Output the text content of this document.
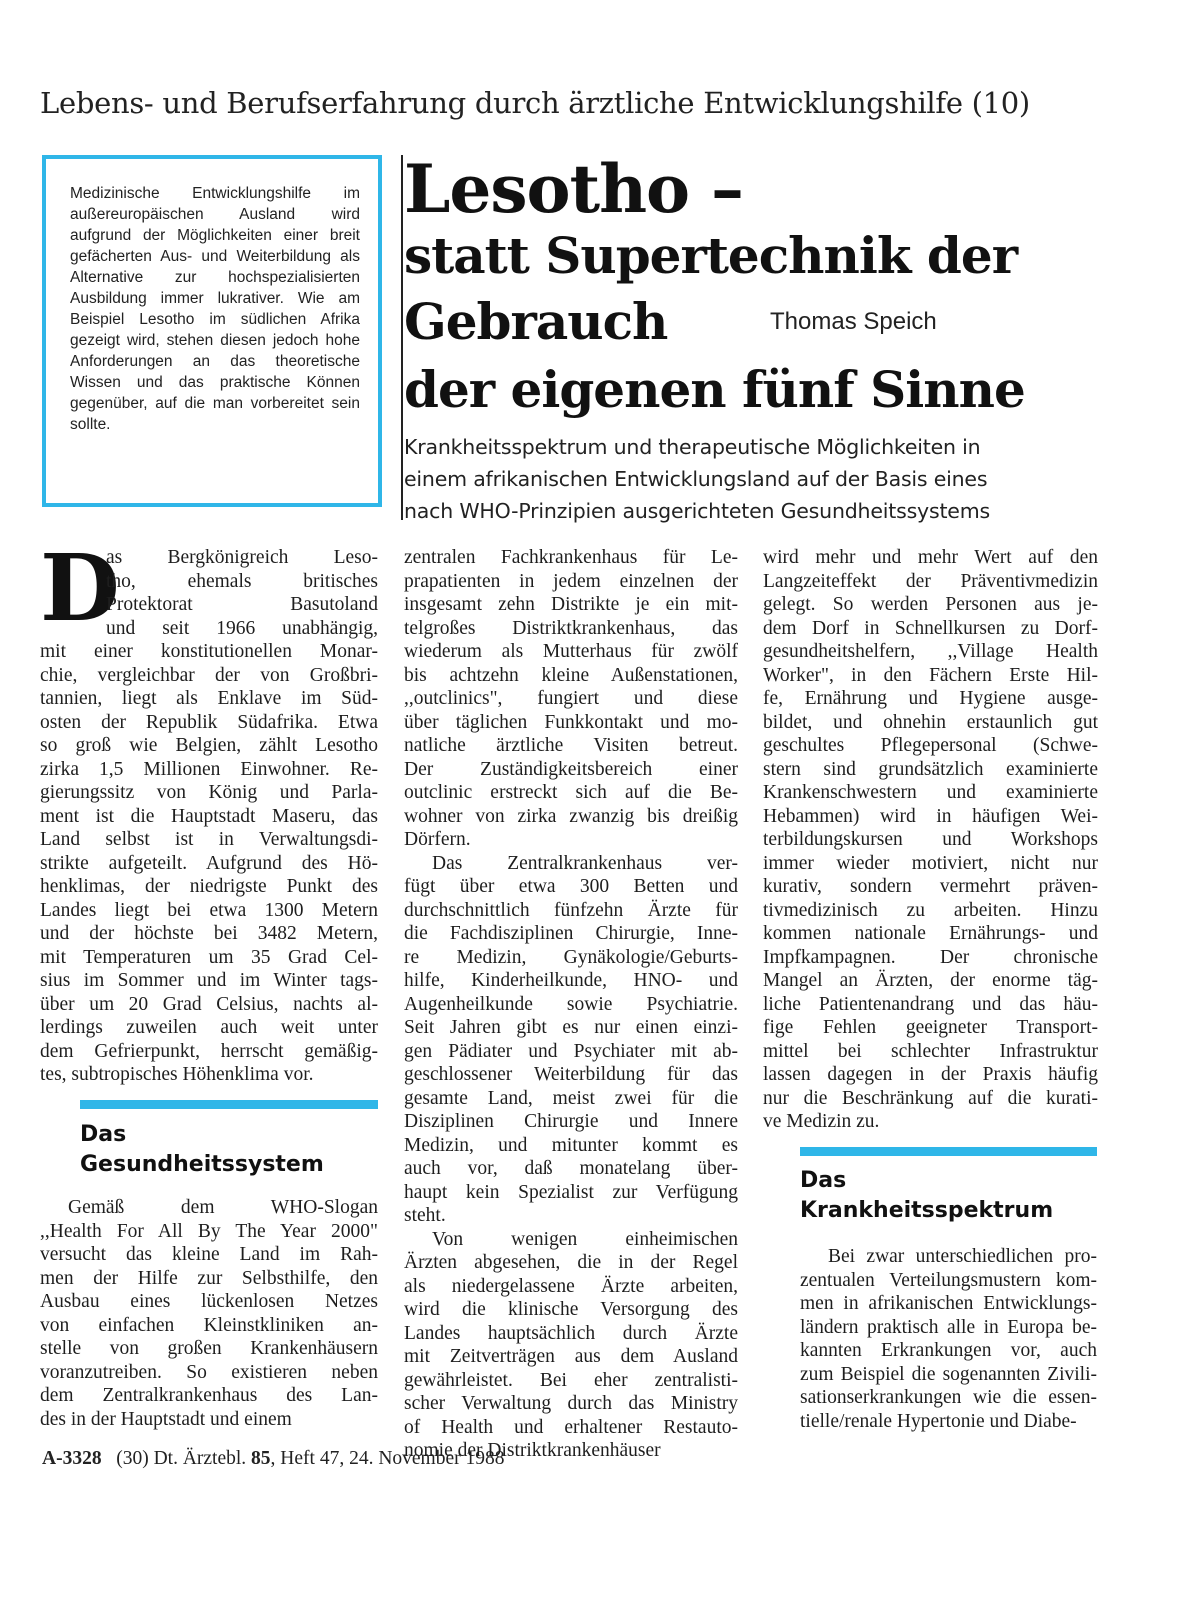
Lebens- und Berufserfahrung durch ärztliche Entwicklungshilfe (10)
Medizinische Entwicklungshilfe im außereuropäischen Ausland wird aufgrund der Möglichkeiten einer breit gefächerten Aus- und Weiterbildung als Alternative zur hochspezialisierten Ausbildung immer lukrativer. Wie am Beispiel Lesotho im südlichen Afrika gezeigt wird, stehen diesen jedoch hohe Anforderungen an das theoretische Wissen und das praktische Können gegenüber, auf die man vorbereitet sein sollte.
Lesotho –
statt Supertechnik der
Gebrauch	Thomas Speich
der eigenen fünf Sinne
Krankheitsspektrum und therapeutische Möglichkeiten in
einem afrikanischen Entwicklungsland auf der Basis eines
nach WHO-Prinzipien ausgerichteten Gesundheitssystems
D
as Bergkönigreich Leso-
tho, ehemals britisches
Protektorat Basutoland
und seit 1966 unabhängig,
mit einer konstitutionellen Monar-
chie, vergleichbar der von Großbri-
tannien, liegt als Enklave im Süd-
osten der Republik Südafrika. Etwa
so groß wie Belgien, zählt Lesotho
zirka 1,5 Millionen Einwohner. Re-
gierungssitz von König und Parla-
ment ist die Hauptstadt Maseru, das
Land selbst ist in Verwaltungsdi-
strikte aufgeteilt. Aufgrund des Hö-
henklimas, der niedrigste Punkt des
Landes liegt bei etwa 1300 Metern
und der höchste bei 3482 Metern,
mit Temperaturen um 35 Grad Cel-
sius im Sommer und im Winter tags-
über um 20 Grad Celsius, nachts al-
lerdings zuweilen auch weit unter
dem Gefrierpunkt, herrscht gemäßig-
tes, subtropisches Höhenklima vor.
Das
Gesundheitssystem
Gemäß dem WHO-Slogan
,,Health For All By The Year 2000"
versucht das kleine Land im Rah-
men der Hilfe zur Selbsthilfe, den
Ausbau eines lückenlosen Netzes
von einfachen Kleinstkliniken an-
stelle von großen Krankenhäusern
voranzutreiben. So existieren neben
dem Zentralkrankenhaus des Lan-
des in der Hauptstadt und einem
zentralen Fachkrankenhaus für Le-
prapatienten in jedem einzelnen der
insgesamt zehn Distrikte je ein mit-
telgroßes Distriktkrankenhaus, das
wiederum als Mutterhaus für zwölf
bis achtzehn kleine Außenstationen,
,,outclinics", fungiert und diese
über täglichen Funkkontakt und mo-
natliche ärztliche Visiten betreut.
Der Zuständigkeitsbereich einer
outclinic erstreckt sich auf die Be-
wohner von zirka zwanzig bis dreißig
Dörfern.
Das Zentralkrankenhaus ver-
fügt über etwa 300 Betten und
durchschnittlich fünfzehn Ärzte für
die Fachdisziplinen Chirurgie, Inne-
re Medizin, Gynäkologie/Geburts-
hilfe, Kinderheilkunde, HNO- und
Augenheilkunde sowie Psychiatrie.
Seit Jahren gibt es nur einen einzi-
gen Pädiater und Psychiater mit ab-
geschlossener Weiterbildung für das
gesamte Land, meist zwei für die
Disziplinen Chirurgie und Innere
Medizin, und mitunter kommt es
auch vor, daß monatelang über-
haupt kein Spezialist zur Verfügung
steht.
Von wenigen einheimischen
Ärzten abgesehen, die in der Regel
als niedergelassene Ärzte arbeiten,
wird die klinische Versorgung des
Landes hauptsächlich durch Ärzte
mit Zeitverträgen aus dem Ausland
gewährleistet. Bei eher zentralisti-
scher Verwaltung durch das Ministry
of Health und erhaltener Restauto-
nomie der Distriktkrankenhäuser
wird mehr und mehr Wert auf den
Langzeiteffekt der Präventivmedizin
gelegt. So werden Personen aus je-
dem Dorf in Schnellkursen zu Dorf-
gesundheitshelfern, ,,Village Health
Worker", in den Fächern Erste Hil-
fe, Ernährung und Hygiene ausge-
bildet, und ohnehin erstaunlich gut
geschultes Pflegepersonal (Schwe-
stern sind grundsätzlich examinierte
Krankenschwestern und examinierte
Hebammen) wird in häufigen Wei-
terbildungskursen und Workshops
immer wieder motiviert, nicht nur
kurativ, sondern vermehrt präven-
tivmedizinisch zu arbeiten. Hinzu
kommen nationale Ernährungs- und
Impfkampagnen. Der chronische
Mangel an Ärzten, der enorme täg-
liche Patientenandrang und das häu-
fige Fehlen geeigneter Transport-
mittel bei schlechter Infrastruktur
lassen dagegen in der Praxis häufig
nur die Beschränkung auf die kurati-
ve Medizin zu.
Das
Krankheitsspektrum
Bei zwar unterschiedlichen pro-
zentualen Verteilungsmustern kom-
men in afrikanischen Entwicklungs-
ländern praktisch alle in Europa be-
kannten Erkrankungen vor, auch
zum Beispiel die sogenannten Zivili-
sationserkrankungen wie die essen-
tielle/renale Hypertonie und Diabe-
A-3328 (30) Dt. Ärztebl. 85, Heft 47, 24. November 1988
